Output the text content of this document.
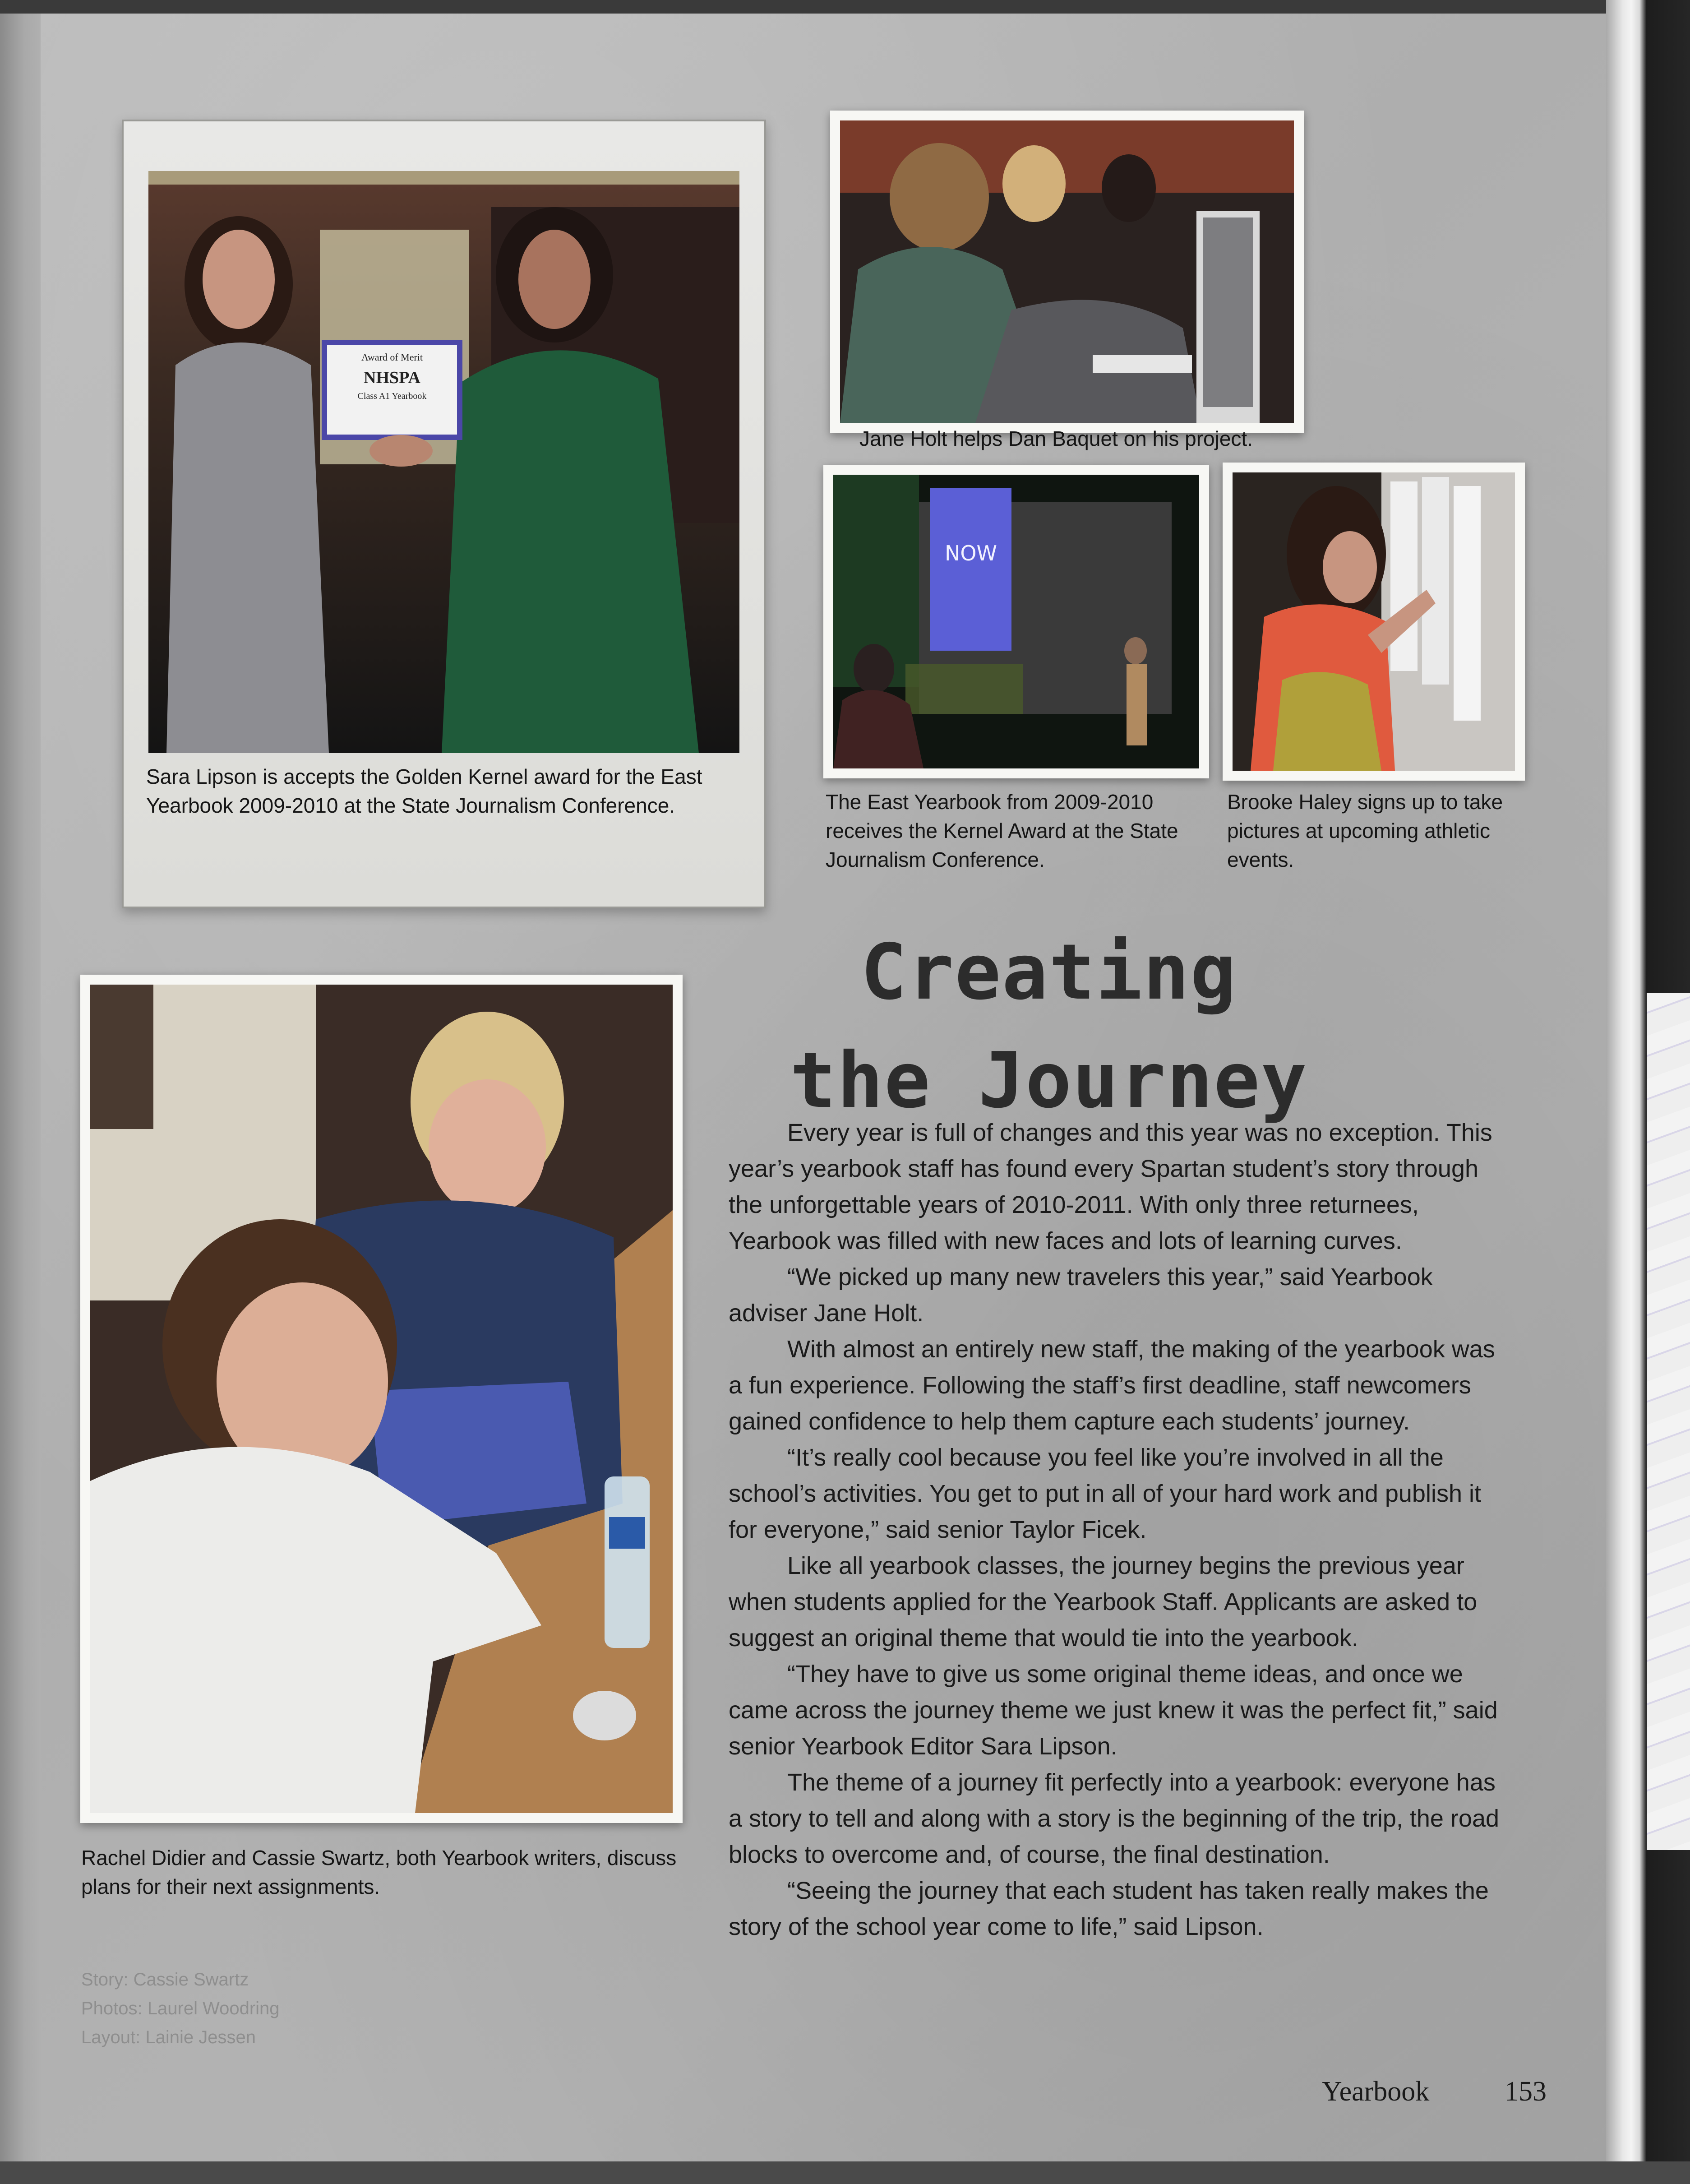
Award of Merit
NHSPA
Class A1 Yearbook

Sara Lipson is accepts the Golden Kernel award for the East Yearbook 2009-2010 at the State Journalism Conference.

Jane Holt helps Dan Baquet on his project.

NOW

The East Yearbook from 2009-2010 receives the Kernel Award at the State Journalism Conference.

Brooke Haley signs up to take pictures at upcoming athletic events.

Rachel Didier and Cassie Swartz, both Yearbook writers, discuss plans for their next assignments.

Creating
the Journey

Every year is full of changes and this year was no exception. This year’s yearbook staff has found every Spartan student’s story through the unforgettable years of 2010-2011. With only three returnees, Yearbook was filled with new faces and lots of learning curves.

“We picked up many new travelers this year,” said Yearbook adviser Jane Holt.

With almost an entirely new staff, the making of the yearbook was a fun experience. Following the staff’s first deadline, staff newcomers gained confidence to help them capture each students’ journey.

“It’s really cool because you feel like you’re involved in all the school’s activities. You get to put in all of your hard work and publish it for everyone,” said senior Taylor Ficek.

Like all yearbook classes, the journey begins the previous year when students applied for the Yearbook Staff. Applicants are asked to suggest an original theme that would tie into the yearbook.

“They have to give us some original theme ideas, and once we came across the journey theme we just knew it was the perfect fit,” said senior Yearbook Editor Sara Lipson.

The theme of a journey fit perfectly into a yearbook: everyone has a story to tell and along with a story is the beginning of the trip, the road blocks to overcome and, of course, the final destination.

“Seeing the journey that each student has taken really makes the story of the school year come to life,” said Lipson.

Story: Cassie Swartz
Photos: Laurel Woodring
Layout: Lainie Jessen
Yearbook	153
